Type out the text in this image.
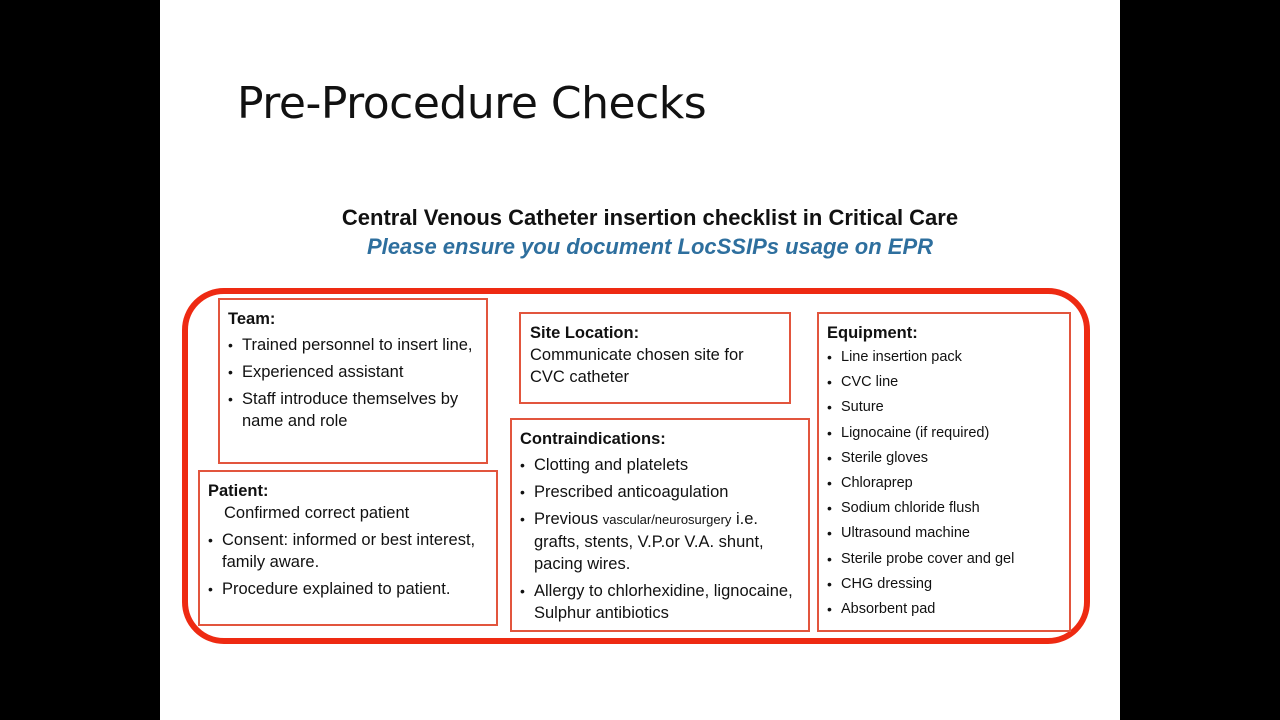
Pre-Procedure Checks
Central Venous Catheter insertion checklist in Critical Care
Please ensure you document LocSSIPs usage on EPR
Team:
• Trained personnel to insert line,
• Experienced assistant
• Staff introduce themselves by name and role
Patient:
Confirmed correct patient
• Consent: informed or best interest, family aware.
• Procedure explained to patient.
Site Location:
Communicate chosen site for CVC catheter
Contraindications:
• Clotting and platelets
• Prescribed anticoagulation
• Previous vascular/neurosurgery i.e. grafts, stents, V.P.or V.A. shunt, pacing wires.
• Allergy to chlorhexidine, lignocaine, Sulphur antibiotics
Equipment:
• Line insertion pack
• CVC line
• Suture
• Lignocaine (if required)
• Sterile gloves
• Chloraprep
• Sodium chloride flush
• Ultrasound machine
• Sterile probe cover and gel
• CHG dressing
• Absorbent pad
